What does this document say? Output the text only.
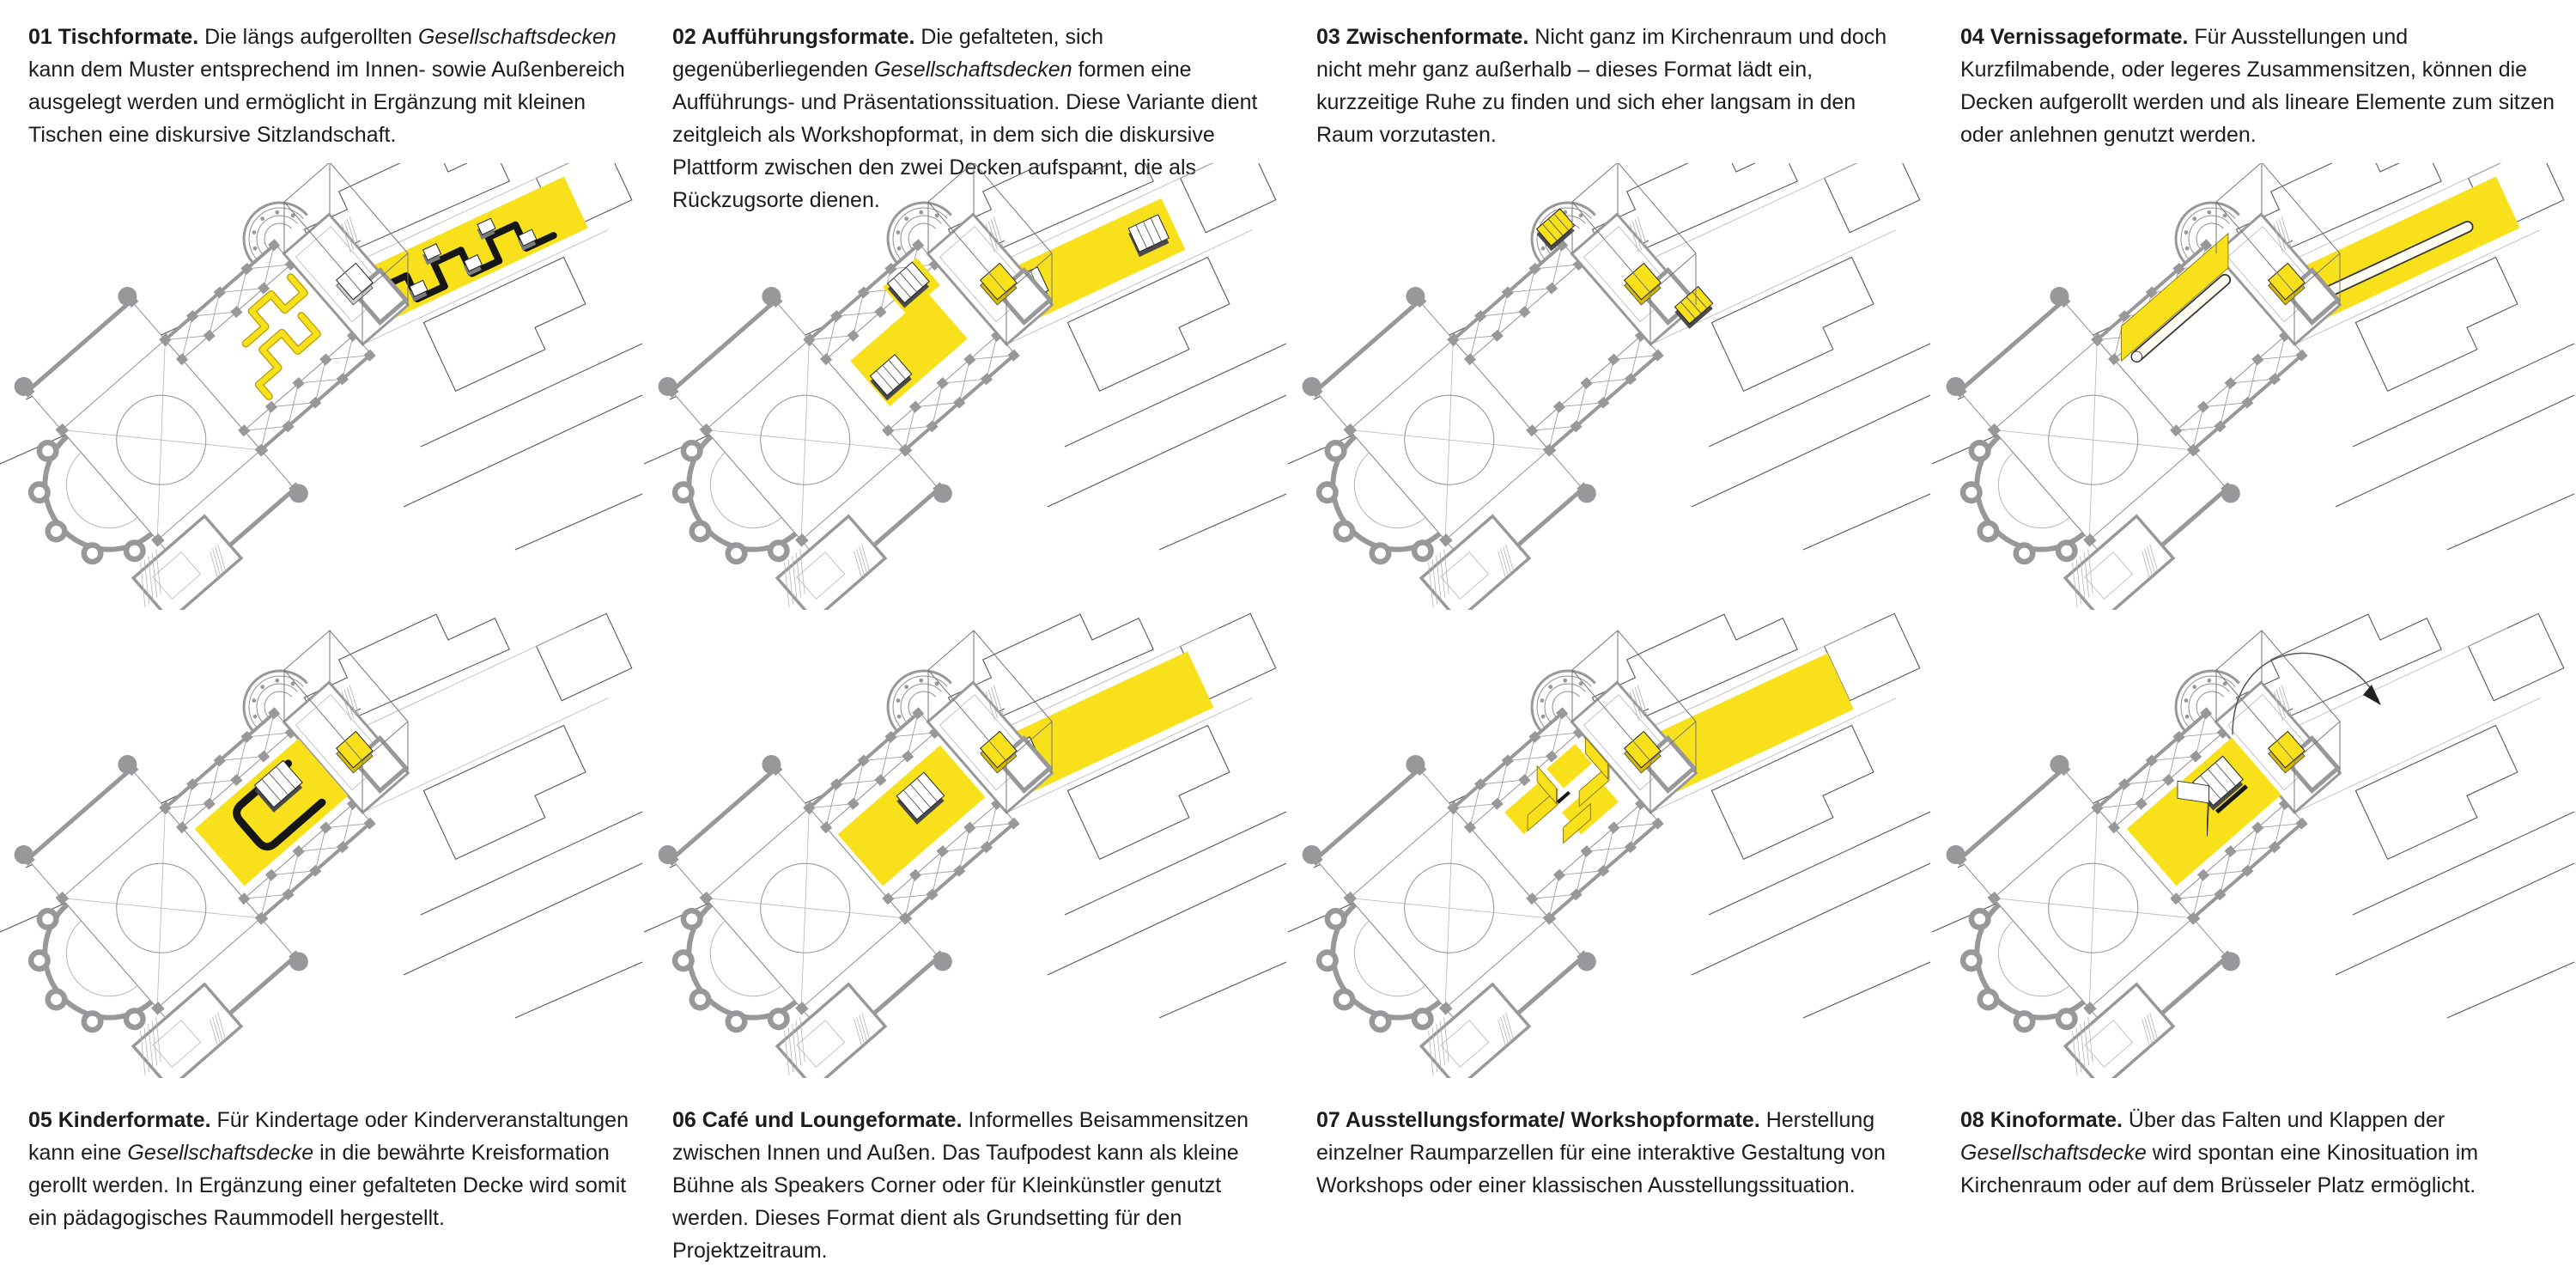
01 Tischformate. Die längs aufgerollten Gesellschaftsdecken kann dem Muster entsprechend im Innen- sowie Außenbereich ausgelegt werden und ermöglicht in Ergänzung mit kleinen Tischen eine diskursive Sitzlandschaft.

02 Aufführungsformate. Die gefalteten, sich gegenüberliegenden Gesellschaftsdecken formen eine Aufführungs- und Präsentationssituation. Diese Variante dient zeitgleich als Workshopformat, in dem sich die diskursive Plattform zwischen den zwei Decken aufspannt, die als Rückzugsorte dienen.

03 Zwischenformate. Nicht ganz im Kirchenraum und doch nicht mehr ganz außerhalb – dieses Format lädt ein, kurzzeitige Ruhe zu finden und sich eher langsam in den Raum vorzutasten.

04 Vernissageformate. Für Ausstellungen und Kurzfilmabende, oder legeres Zusammensitzen, können die Decken aufgerollt werden und als lineare Elemente zum sitzen oder anlehnen genutzt werden.

05 Kinderformate. Für Kindertage oder Kinderveranstaltungen kann eine Gesellschaftsdecke in die bewährte Kreisformation gerollt werden. In Ergänzung einer gefalteten Decke wird somit ein pädagogisches Raummodell hergestellt.

06 Café und Loungeformate. Informelles Beisammensitzen zwischen Innen und Außen. Das Taufpodest kann als kleine Bühne als Speakers Corner oder für Kleinkünstler genutzt werden. Dieses Format dient als Grundsetting für den Projektzeitraum.

07 Ausstellungsformate/ Workshopformate. Herstellung einzelner Raumparzellen für eine interaktive Gestaltung von Workshops oder einer klassischen Ausstellungssituation.

08 Kinoformate. Über das Falten und Klappen der Gesellschaftsdecke wird spontan eine Kinosituation im Kirchenraum oder auf dem Brüsseler Platz ermöglicht.
